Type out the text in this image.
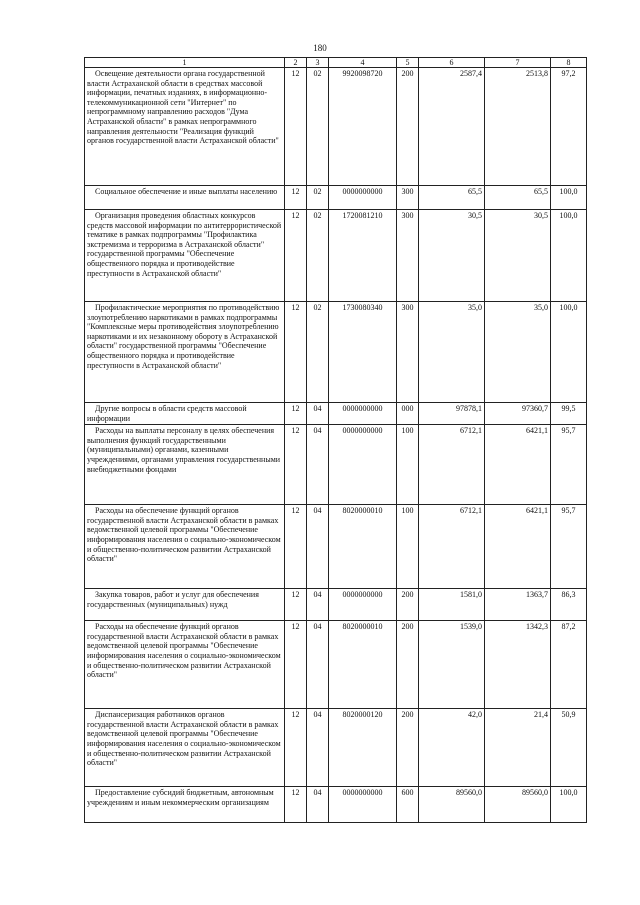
180
1	2	3	4	5	6	7	8
Освещение деятельности органа государственной власти Астраханской области в средствах массовой информации, печатных изданиях, в информационно-телекоммуникационной сети "Интернет" по непрограммному направлению расходов "Дума Астраханской области" в рамках непрограммного направления деятельности "Реализация функций органов государственной власти Астраханской области"	12	02	9920098720	200	2587,4	2513,8	97,2
Социальное обеспечение и иные выплаты населению	12	02	0000000000	300	65,5	65,5	100,0
Организация проведения областных конкурсов средств массовой информации по антитеррористической тематике в рамках подпрограммы "Профилактика экстремизма и терроризма в Астраханской области" государственной программы "Обеспечение общественного порядка и противодействие преступности в Астраханской области"	12	02	1720081210	300	30,5	30,5	100,0
Профилактические мероприятия по противодействию злоупотреблению наркотиками в рамках подпрограммы "Комплексные меры противодействия злоупотреблению наркотиками и их незаконному обороту в Астраханской области" государственной программы "Обеспечение общественного порядка и противодействие преступности в Астраханской области"	12	02	1730080340	300	35,0	35,0	100,0
Другие вопросы в области средств массовой информации	12	04	0000000000	000	97878,1	97360,7	99,5
Расходы на выплаты персоналу в целях обеспечения выполнения функций государственными (муниципальными) органами, казенными учреждениями, органами управления государственными внебюджетными фондами	12	04	0000000000	100	6712,1	6421,1	95,7
Расходы на обеспечение функций органов государственной власти Астраханской области в рамках ведомственной целевой программы "Обеспечение информирования населения о социально-экономическом и общественно-политическом развитии Астраханской области"	12	04	8020000010	100	6712,1	6421,1	95,7
Закупка товаров, работ и услуг для обеспечения государственных (муниципальных) нужд	12	04	0000000000	200	1581,0	1363,7	86,3
Расходы на обеспечение функций органов государственной власти Астраханской области в рамках ведомственной целевой программы "Обеспечение информирования населения о социально-экономическом и общественно-политическом развитии Астраханской области"	12	04	8020000010	200	1539,0	1342,3	87,2
Диспансеризация работников органов государственной власти Астраханской области в рамках ведомственной целевой программы "Обеспечение информирования населения о социально-экономическом и общественно-политическом развитии Астраханской области"	12	04	8020000120	200	42,0	21,4	50,9
Предоставление субсидий бюджетным, автономным учреждениям и иным некоммерческим организациям	12	04	0000000000	600	89560,0	89560,0	100,0
